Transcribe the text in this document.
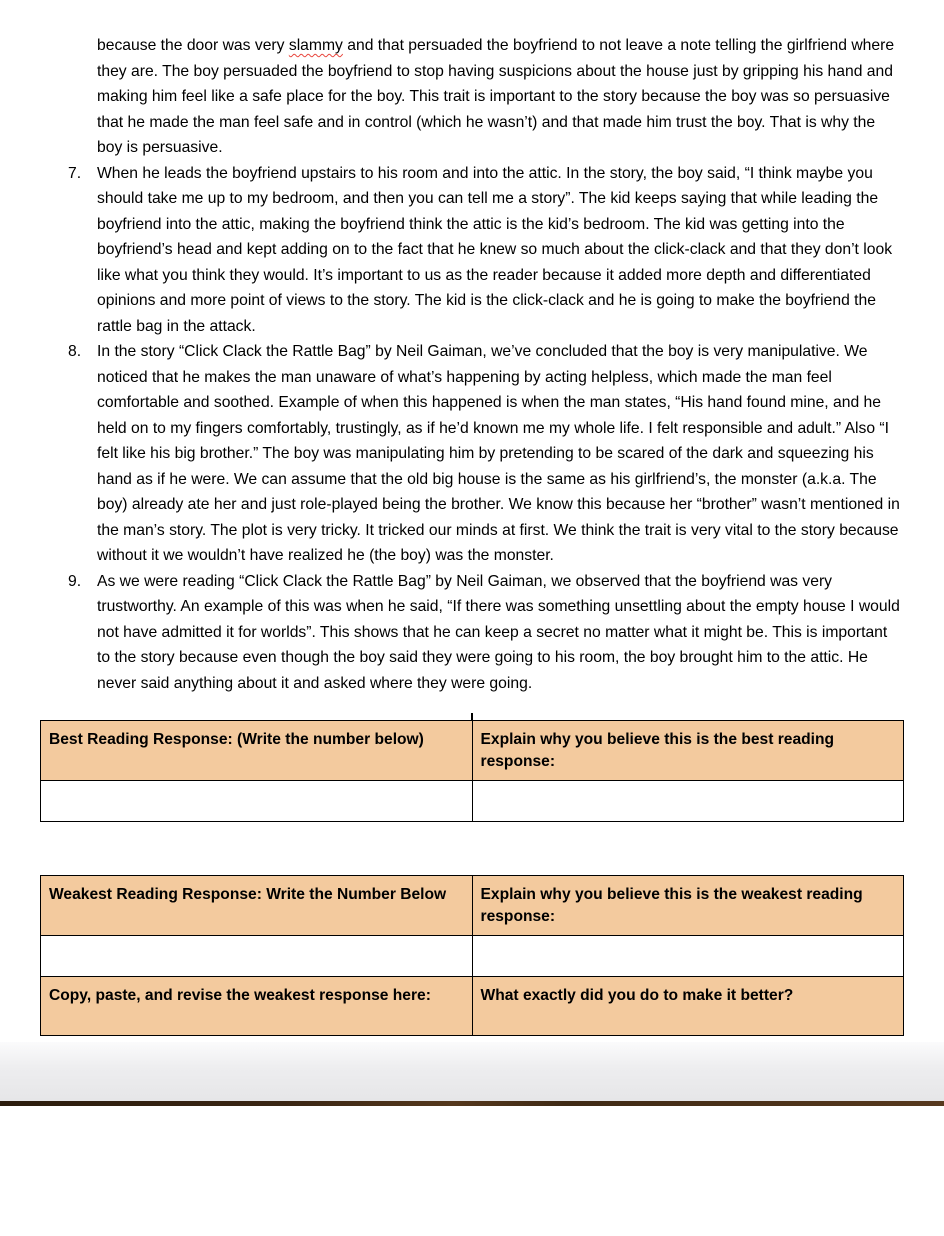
because the door was very slammy and that persuaded the boyfriend to not leave a note telling the girlfriend where they are. The boy persuaded the boyfriend to stop having suspicions about the house just by gripping his hand and making him feel like a safe place for the boy. This trait is important to the story because the boy was so persuasive that he made the man feel safe and in control (which he wasn’t) and that made him trust the boy. That is why the boy is persuasive.

7. When he leads the boyfriend upstairs to his room and into the attic. In the story, the boy said, “I think maybe you should take me up to my bedroom, and then you can tell me a story”. The kid keeps saying that while leading the boyfriend into the attic, making the boyfriend think the attic is the kid’s bedroom. The kid was getting into the boyfriend’s head and kept adding on to the fact that he knew so much about the click-clack and that they don’t look like what you think they would. It’s important to us as the reader because it added more depth and differentiated opinions and more point of views to the story. The kid is the click-clack and he is going to make the boyfriend the rattle bag in the attack.
8. In the story “Click Clack the Rattle Bag” by Neil Gaiman, we’ve concluded that the boy is very manipulative. We noticed that he makes the man unaware of what’s happening by acting helpless, which made the man feel comfortable and soothed. Example of when this happened is when the man states, “His hand found mine, and he held on to my fingers comfortably, trustingly, as if he’d known me my whole life. I felt responsible and adult.” Also “I felt like his big brother.” The boy was manipulating him by pretending to be scared of the dark and squeezing his hand as if he were. We can assume that the old big house is the same as his girlfriend’s, the monster (a.k.a. The boy) already ate her and just role-played being the brother. We know this because her “brother” wasn’t mentioned in the man’s story. The plot is very tricky. It tricked our minds at first. We think the trait is very vital to the story because without it we wouldn’t have realized he (the boy) was the monster.
9. As we were reading “Click Clack the Rattle Bag” by Neil Gaiman, we observed that the boyfriend was very trustworthy. An example of this was when he said, “If there was something unsettling about the empty house I would not have admitted it for worlds”. This shows that he can keep a secret no matter what it might be. This is important to the story because even though the boy said they were going to his room, the boy brought him to the attic. He never said anything about it and asked where they were going.
Best Reading Response: (Write the number below)	Explain why you believe this is the best reading response:

Weakest Reading Response: Write the Number Below	Explain why you believe this is the weakest reading response:

Copy, paste, and revise the weakest response here:	What exactly did you do to make it better?
